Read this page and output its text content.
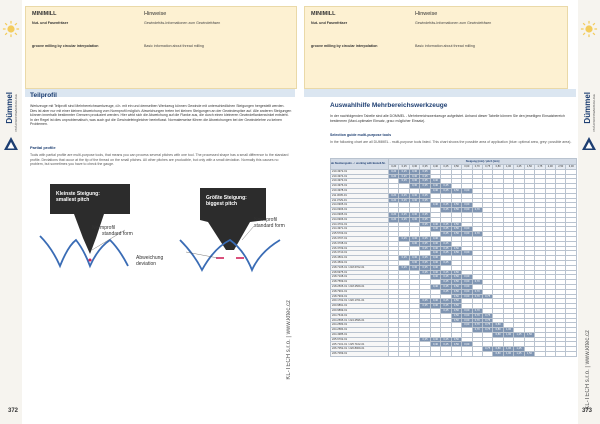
Dümmel PRÄZISIONSWERKZEUGE
MINIMILL
Nut- und Fasenfräser
groove milling by circular interpolation
Hinweise
Gewindefräs-Informationen zum Gewindefräsen
Basic information about thread milling
Teilprofil
Werkzeuge mit Teilprofil sind Mehrbereichswerkzeuge, d.h. mit ein und demselben Werkzeug können Gewinde mit unterschiedlichen Steigungen hergestellt werden. Dies ist aber nur mit einer kleinen Abweichung vom Normprofil möglich. Abweichungen treten bei kleinen Steigungen an der Gewindespitze auf. Alle anderen Steigungen können innerhalb bestimmter Grenzen produziert werden. Hier wirkt sich die Abweichung auf die Flanke aus, die durch einen kleineren Gewindeflankenwinkel entsteht. In der Regel ist dies unproblematisch, was auch gut die Gewindefeingleicher beeinflusst. Normalerweise führen die Abweichungen bei der Gewindelehre zu keinen Problemen.
Partial profile
Tools with partial profile are multi-purpose tools, that means you can process several pitches with one tool. The processed shape has a small difference to the standard profile. Deviations that occur at the tip of the thread on the small pitches. All other pitches are producible, but only with a small deviation. Normally this causes no problem, but sometimes you have to check the gauge.
Kleinste Steigung:
smallest pitch
Normprofil
standard form
Größte Steigung:
biggest pitch
Normprofil
standard form
Abweichung
deviation
KL-TECH s.r.o. | www.kltec.cz
372
MINIMILL
Nut- und Fasenfräser
groove milling by circular interpolation
Hinweise
Gewindefräs-Informationen zum Gewindefräsen
Basic information about thread milling
Dümmel PRÄZISIONSWERKZEUGE
KL-TECH s.r.o. | www.kltec.cz
Auswahlhilfe Mehrbereichswerkzeuge
In der nachfolgenden Tabelle sind alle DOMMEL - Mehrbereichswerkzeuge aufgelistet. Anhand dieser Tabelle können Sie den jeweiligen Einsatzbereich bestimmen (Maxi-optimaler Einsatz, grau: möglicher Einsatz).
Selection guide multi-purpose tools
In the following chart are all DUMMEL - multi-purpose tools listed. This chart shows the possible area of application (blue: optimal area, grey: possible area).
ab Steckungsdm. ✓ working with Bestell-Nr.	Steigung [mm] / pitch [mm]																	
	0,20	0,25	0,30	0,35	0,40	0,45	0,50	0,60	0,70	0,75	0,80	1,00	1,25	1,50	1,75	2,00	2,50	3,00
210.4972-01	0,20	0,25	0,30	0,35														
210.4974-01	0,20	0,25	0,30	0,35														
210.4973-01		0,25	0,30	0,35	0,40													
210.4976-01			0,30	0,35	0,40	0,45												
210.4978-01					0,40	0,45	0,50	0,60										
211.3005-01	0,20	0,25	0,30	0,35														
211.3729-01	0,20	0,25	0,30	0,35														
214.0905-01					0,40	0,45	0,50	0,60										
214.0906-01						0,45	0,50	0,60	0,70									
214.0905-01	0,20	0,25	0,30	0,35														
214.0906-01	0,20	0,25	0,30	0,35														
214.4701-01				0,35	0,40	0,45	0,50											
214.4971-01					0,40	0,45	0,50	0,60										
215.5703-01						0,45	0,50	0,60	0,70									
216.3707-01		0,25	0,30	0,35	0,40													
216.3708-01			0,30	0,35	0,40	0,45												
216.3709-01				0,35	0,40	0,45	0,50											
216.3710-01					0,40	0,45	0,50	0,60										
216.4501-01		0,25	0,30	0,35	0,40													
216.4502-01			0,30	0,35	0,40	0,45												
218.7105-01 / 218.6702-01		0,25	0,30	0,35	0,40													
218.6975-01				0,35	0,40	0,45	0,50											
218.7108-01					0,40	0,45	0,50	0,60										
218.7569-01						0,45	0,50	0,60	0,70									
218.2505-01 / 218.2569-01					0,40	0,45	0,50	0,60										
218.7901-01						0,45	0,50	0,60	0,70									
218.7903-01							0,50	0,60	0,70	0,75								
220.1702-01 / 220.1701-01				0,35	0,40	0,45	0,50											
220.9891-01				0,35	0,40	0,45	0,50											
220.9899-01						0,45	0,50	0,60	0,70									
224.7643-01							0,50	0,60	0,70	0,75								
224.2595-01 / 224.2596-01							0,50	0,60	0,70	0,75								
224.2583-01								0,60	0,70	0,75	0,80							
224.2584-01									0,70	0,75	0,80	1,00						
224.4985-01											0,80	1,00	1,25	1,50				
225.6702-01				0,35	0,40	0,45	0,50											
225.7101-01 / 225.7102-01					0,40	0,45	0,50	0,60										
226.7052-01 / 226.8009-01										0,75	0,80	1,00	1,25					
226.7069-01											0,80	1,00	1,25	1,50				
373
